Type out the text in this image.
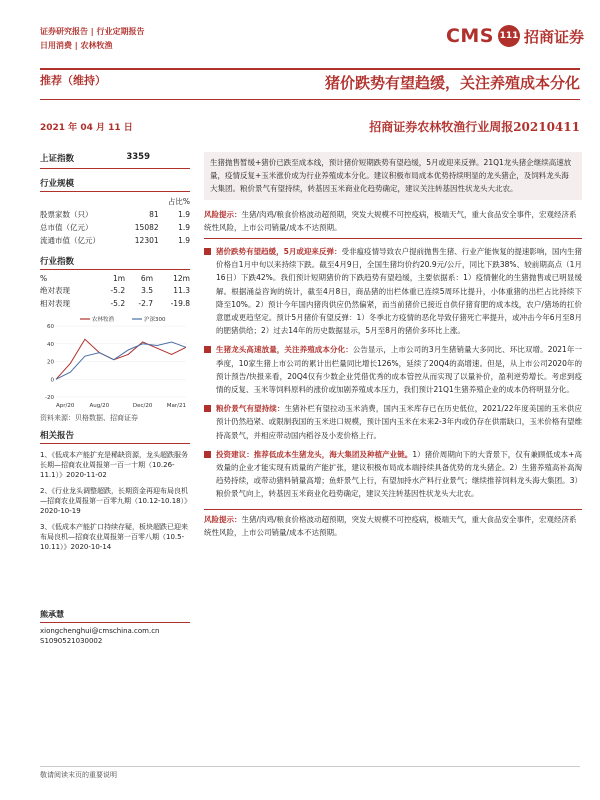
证券研究报告 | 行业定期报告
日用消费 | 农林牧渔	CMS 111 招商证券
推荐（维持）	猪价跌势有望趋缓，关注养殖成本分化
2021 年 04 月 11 日	招商证券农林牧渔行业周报20210411
上证指数	3359
行业规模
		占比%
股票家数（只）	81	1.9
总市值（亿元）	15082	1.9
流通市值（亿元）	12301	1.9
行业指数
%	1m	6m	12m
绝对表现	-5.2	3.5	11.3
相对表现	-5.2	-2.7	-19.8
农林牧渔	沪深300
60
40
20
0
-20
Apr/20	Aug/20	Dec/20	Mar/21
资料来源：贝格数据、招商证券
相关报告
1、《低成本产能扩充是稀缺资源，龙头超跌服务长期—招商农业周报第一百一十期（10.26-11.1）》2020-11-02
2、《行业龙头调整超跌，长期资金再迎布局良机—招商农业周报第一百零九期（10.12-10.18）》2020-10-19
3、《低成本产能扩口持续存疑，板块超跌已迎来布局良机—招商农业周报第一百零八期（10.5-10.11）》2020-10-14
熊承慧
xiongchenghui@cmschina.com.cn
S1090521030002
生猪抛售暂缓+猪价已跌至成本线，预计猪价短期跌势有望趋缓，5月或迎来反弹。21Q1龙头猪企继续高速放量，疫情反复+玉米涨价成为行业养殖成本分化。建议积极布局成本优势持续明显的龙头猪企，及饲料龙头海大集团。粮价景气有望持续，转基因玉米商业化趋势确定，建议关注转基因性状龙头大北农。
风险提示：生猪/肉鸡/粮食价格波动超预期，突发大规模不可控疫病，极端天气，重大食品安全事件，宏观经济系统性风险，上市公司销量/成本不达预期。
猪价跌势有望趋缓，5月或迎来反弹：受非瘟疫情导致农户提前抛售生猪、行业产能恢复的提速影响，国内生猪价格自1月中旬以来持续下跌。截至4月9日，全国生猪均价约20.9元/公斤，同比下跌38%、较前期高点（1月16日）下跌42%。我们预计短期猪价的下跌趋势有望趋缓，主要依据系：1）疫情催化的生猪抛售或已明显缓解。根据涌益咨询的统计，截至4月8日，商品猪的出栏体重已连续5周环比提升，小体重猪的出栏占比持续下降至10%。2）预计今年国内猪肉供应仍然偏紧，而当前猪价已接近自供仔猪育肥的成本线，农户/猪场的扛价意愿或更趋坚定。预计5月猪价有望反弹：1）冬季北方疫情的恶化导致仔猪死亡率提升，或冲击今年6月至8月的肥猪供给；2）过去14年的历史数据显示，5月至8月的猪价多环比上涨。
生猪龙头高速放量，关注养殖成本分化：公告显示，上市公司的3月生猪销量大多同比、环比双增。2021年一季度，10家生猪上市公司的累计出栏量同比增长126%，延续了20Q4的高增速。但是，从上市公司2020年的预计预告/快报来看，20Q4仅有少数企业凭借优秀的成本管控从而实现了以量补价，盈利逆势增长。考虑到疫情的反复、玉米等饲料原料的涨价或加剧养殖成本压力，我们预计21Q1生猪养殖企业的成本仍将明显分化。
粮价景气有望持续：生猪补栏有望拉动玉米消费，国内玉米库存已在历史低位，2021/22年度美国的玉米供应预计仍然趋紧、或限制我国的玉米进口规模，预计国内玉米在未来2-3年内或仍存在供需缺口，玉米价格有望维持高景气，并相应带动国内稻谷及小麦价格上行。
投资建议：推荐低成本生猪龙头，海大集团及种植产业链。1）猪价周期向下的大背景下，仅有兼顾低成本+高效量的企业才能实现有质量的产能扩张，建议积极布局成本端持续具备优势的龙头猪企。2）生猪养殖高补高淘趋势持续，或带动猪料销量高增；鱼虾景气上行，有望加持水产料行业景气；继续推荐饲料龙头海大集团。3）粮价景气向上，转基因玉米商业化趋势确定，建议关注转基因性状龙头大北农。
风险提示：生猪/肉鸡/粮食价格波动超预期，突发大规模不可控疫病，极端天气，重大食品安全事件，宏观经济系统性风险，上市公司销量/成本不达预期。
敬请阅读末页的重要说明
